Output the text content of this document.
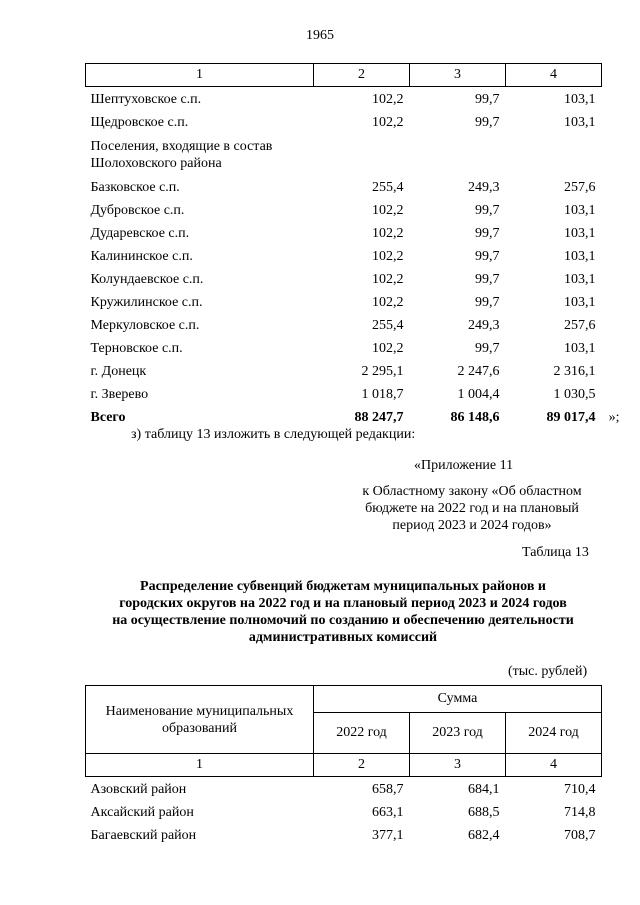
1965
1	2	3	4
Шептуховское с.п.	102,2	99,7	103,1
Щедровское с.п.	102,2	99,7	103,1
Поселения, входящие в состав Шолоховского района			
Базковское с.п.	255,4	249,3	257,6
Дубровское с.п.	102,2	99,7	103,1
Дударевское с.п.	102,2	99,7	103,1
Калининское с.п.	102,2	99,7	103,1
Колундаевское с.п.	102,2	99,7	103,1
Кружилинское с.п.	102,2	99,7	103,1
Меркуловское с.п.	255,4	249,3	257,6
Терновское с.п.	102,2	99,7	103,1
г. Донецк	2 295,1	2 247,6	2 316,1
г. Зверево	1 018,7	1 004,4	1 030,5
Всего	88 247,7	86 148,6	89 017,4 »;
з) таблицу 13 изложить в следующей редакции:
«Приложение 11
к Областному закону «Об областном
бюджете на 2022 год и на плановый
период 2023 и 2024 годов»
Таблица 13
Распределение субвенций бюджетам муниципальных районов и
городских округов на 2022 год и на плановый период 2023 и 2024 годов
на осуществление полномочий по созданию и обеспечению деятельности
административных комиссий
(тыс. рублей)
Наименование муниципальных
образований	Сумма		
	2022 год	2023 год	2024 год
1	2	3	4
Азовский район	658,7	684,1	710,4
Аксайский район	663,1	688,5	714,8
Багаевский район	377,1	682,4	708,7
